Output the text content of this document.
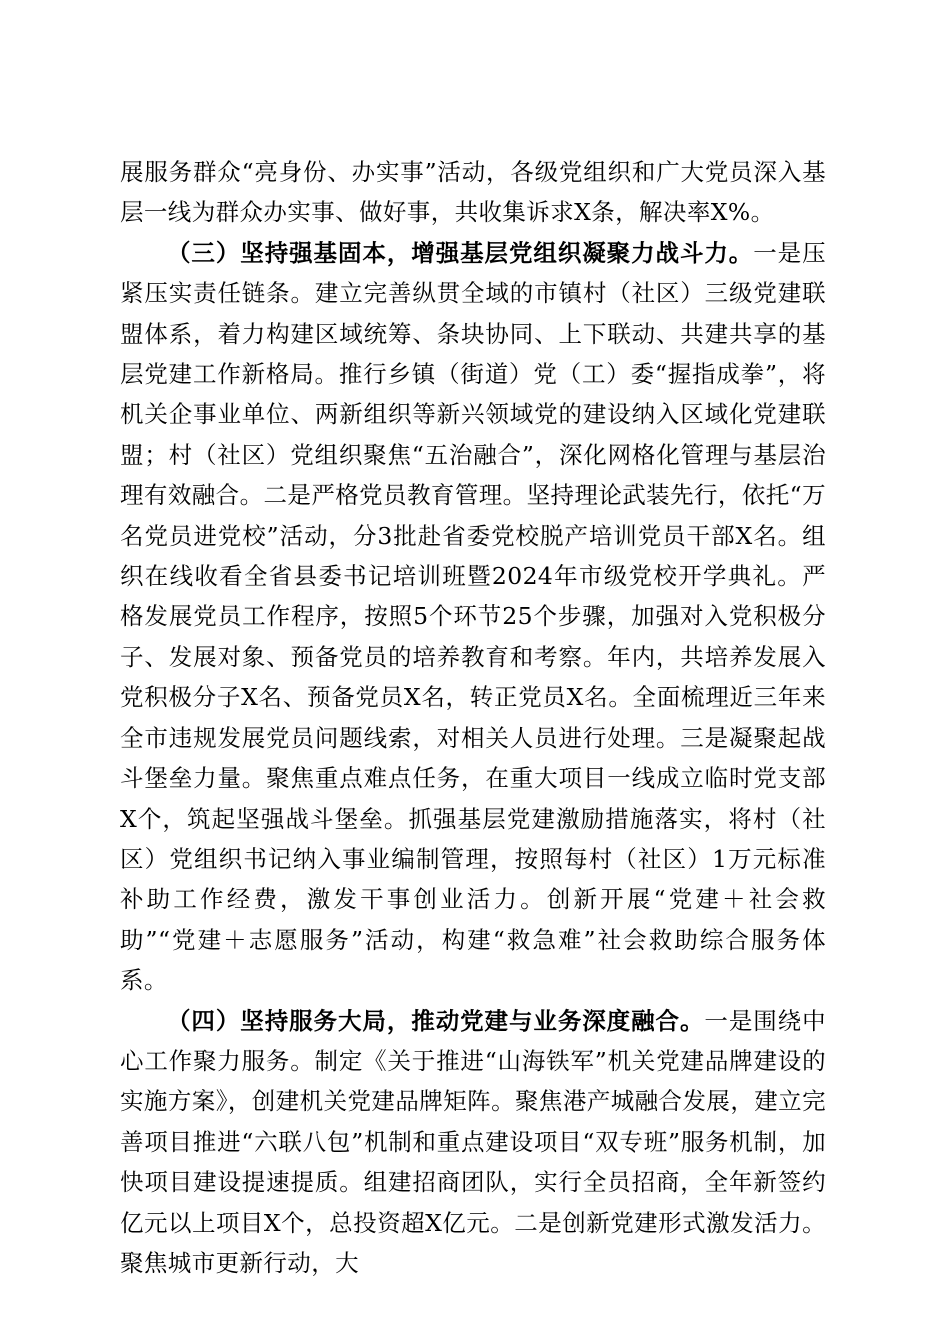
展服务群众“亮身份、办实事”活动，各级党组织和广大党员深入基层一线为群众办实事、做好事，共收集诉求X条，解决率X%。

（三）坚持强基固本，增强基层党组织凝聚力战斗力。一是压紧压实责任链条。建立完善纵贯全域的市镇村（社区）三级党建联盟体系，着力构建区域统筹、条块协同、上下联动、共建共享的基层党建工作新格局。推行乡镇（街道）党（工）委“握指成拳”，将机关企事业单位、两新组织等新兴领域党的建设纳入区域化党建联盟；村（社区）党组织聚焦“五治融合”，深化网格化管理与基层治理有效融合。二是严格党员教育管理。坚持理论武装先行，依托“万名党员进党校”活动，分3批赴省委党校脱产培训党员干部X名。组织在线收看全省县委书记培训班暨2024年市级党校开学典礼。严格发展党员工作程序，按照5个环节25个步骤，加强对入党积极分子、发展对象、预备党员的培养教育和考察。年内，共培养发展入党积极分子X名、预备党员X名，转正党员X名。全面梳理近三年来全市违规发展党员问题线索，对相关人员进行处理。三是凝聚起战斗堡垒力量。聚焦重点难点任务，在重大项目一线成立临时党支部X个，筑起坚强战斗堡垒。抓强基层党建激励措施落实，将村（社区）党组织书记纳入事业编制管理，按照每村（社区）1万元标准补助工作经费，激发干事创业活力。创新开展“党建＋社会救助”“党建＋志愿服务”活动，构建“救急难”社会救助综合服务体系。

（四）坚持服务大局，推动党建与业务深度融合。一是围绕中心工作聚力服务。制定《关于推进“山海铁军”机关党建品牌建设的实施方案》，创建机关党建品牌矩阵。聚焦港产城融合发展，建立完善项目推进“六联八包”机制和重点建设项目“双专班”服务机制，加快项目建设提速提质。组建招商团队，实行全员招商，全年新签约亿元以上项目X个，总投资超X亿元。二是创新党建形式激发活力。聚焦城市更新行动，大
